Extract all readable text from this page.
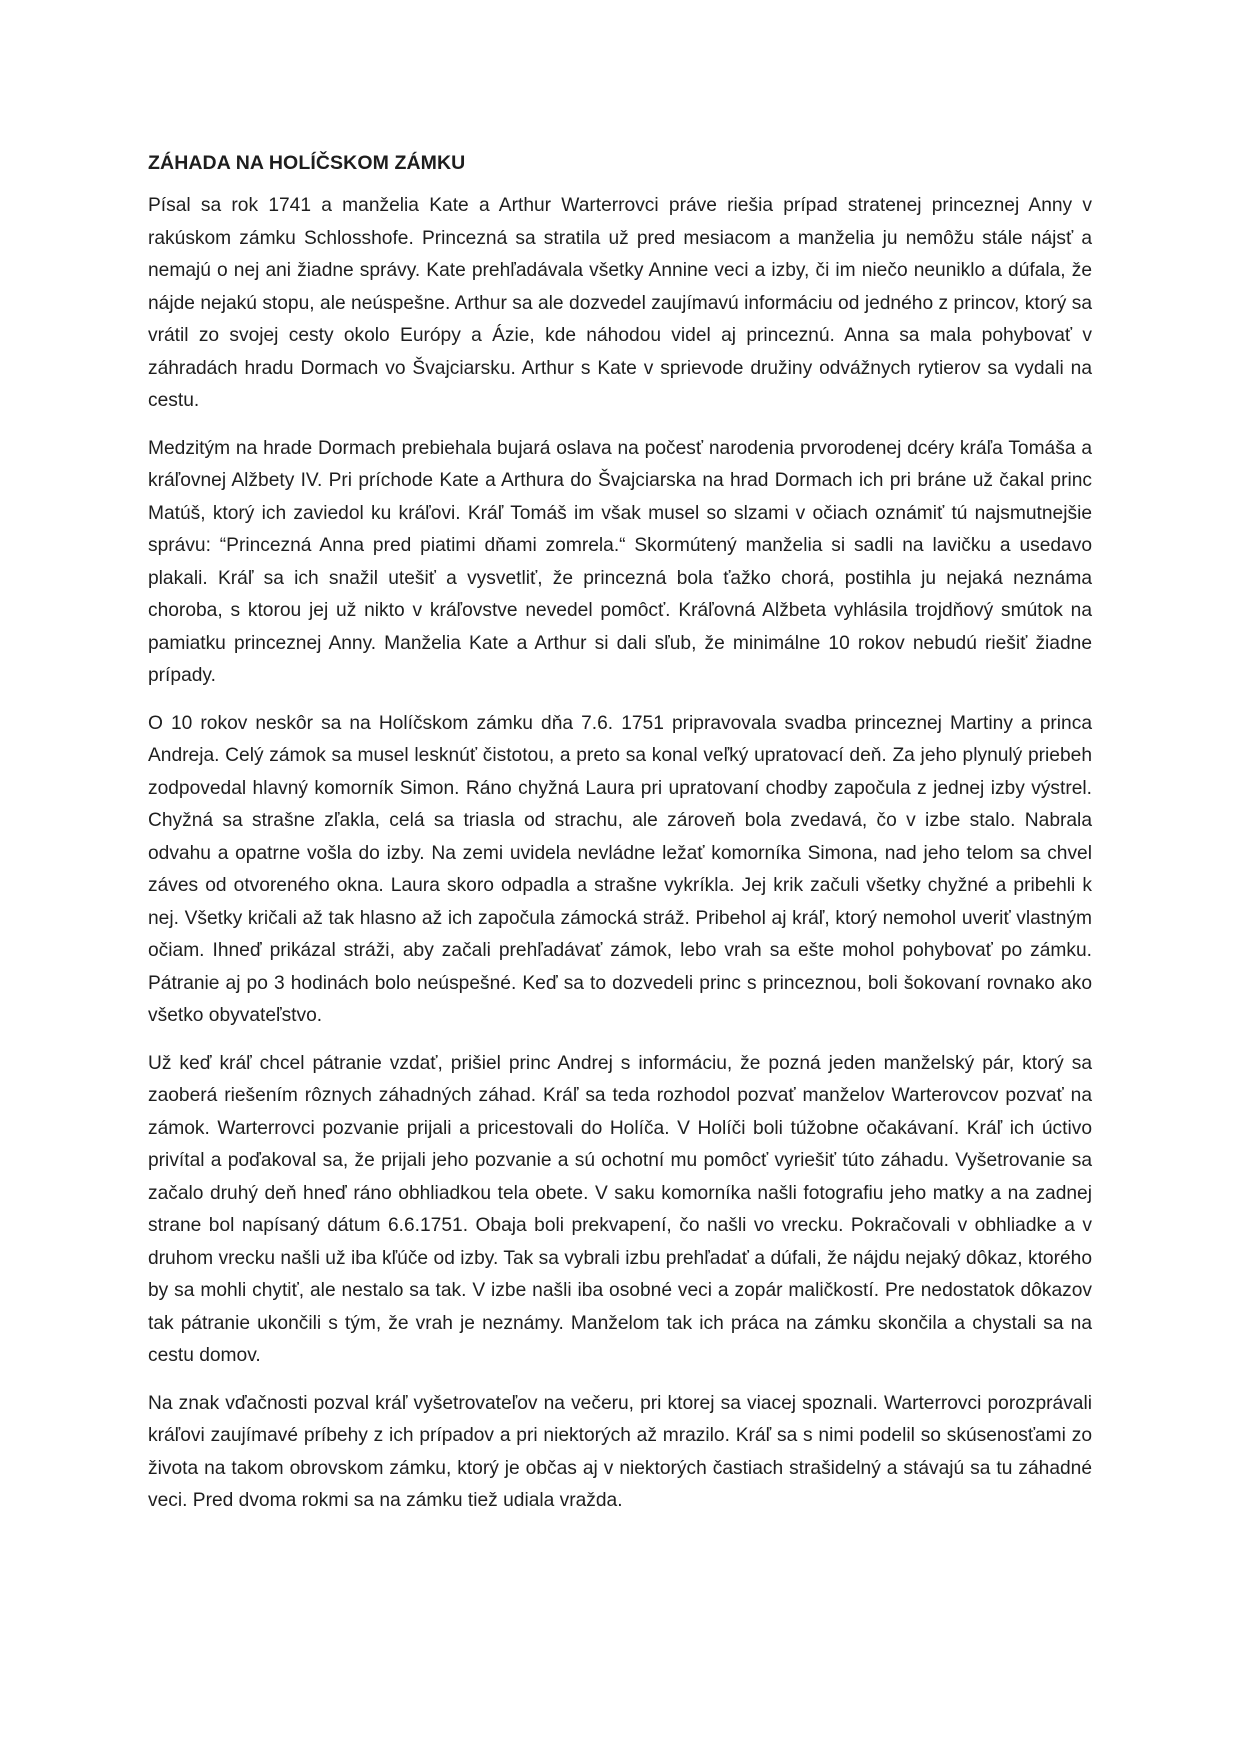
ZÁHADA NA HOLÍČSKOM ZÁMKU

Písal sa rok 1741 a manželia Kate a Arthur Warterrovci práve riešia prípad stratenej princeznej Anny v rakúskom zámku Schlosshofe. Princezná sa stratila už pred mesiacom a manželia ju nemôžu stále nájsť a nemajú o nej ani žiadne správy. Kate prehľadávala všetky Annine veci a izby, či im niečo neuniklo a dúfala, že nájde nejakú stopu, ale neúspešne. Arthur sa ale dozvedel zaujímavú informáciu od jedného z princov, ktorý sa vrátil zo svojej cesty okolo Európy a Ázie, kde náhodou videl aj princeznú. Anna sa mala pohybovať v záhradách hradu Dormach vo Švajciarsku. Arthur s Kate v sprievode družiny odvážnych rytierov sa vydali na cestu.

Medzitým na hrade Dormach prebiehala bujará oslava na počesť narodenia prvorodenej dcéry kráľa Tomáša a kráľovnej Alžbety IV. Pri príchode Kate a Arthura do Švajciarska na hrad Dormach ich pri bráne už čakal princ Matúš, ktorý ich zaviedol ku kráľovi. Kráľ Tomáš im však musel so slzami v očiach oznámiť tú najsmutnejšie správu: “Princezná Anna pred piatimi dňami zomrela.“ Skormútený manželia si sadli na lavičku a usedavo plakali. Kráľ sa ich snažil utešiť a vysvetliť, že princezná bola ťažko chorá, postihla ju nejaká neznáma choroba, s ktorou jej už nikto v kráľovstve nevedel pomôcť. Kráľovná Alžbeta vyhlásila trojdňový smútok na pamiatku princeznej Anny. Manželia Kate a Arthur si dali sľub, že minimálne 10 rokov nebudú riešiť žiadne prípady.

O 10 rokov neskôr sa na Holíčskom zámku dňa 7.6. 1751 pripravovala svadba princeznej Martiny a princa Andreja. Celý zámok sa musel lesknúť čistotou, a preto sa konal veľký upratovací deň. Za jeho plynulý priebeh zodpovedal hlavný komorník Simon. Ráno chyžná Laura pri upratovaní chodby započula z jednej izby výstrel. Chyžná sa strašne zľakla, celá sa triasla od strachu, ale zároveň bola zvedavá, čo v izbe stalo. Nabrala odvahu a opatrne vošla do izby. Na zemi uvidela nevládne ležať komorníka Simona, nad jeho telom sa chvel záves od otvoreného okna. Laura skoro odpadla a strašne vykríkla. Jej krik začuli všetky chyžné a pribehli k nej. Všetky kričali až tak hlasno až ich započula zámocká stráž. Pribehol aj kráľ, ktorý nemohol uveriť vlastným očiam. Ihneď prikázal stráži, aby začali prehľadávať zámok, lebo vrah sa ešte mohol pohybovať po zámku. Pátranie aj po 3 hodinách bolo neúspešné. Keď sa to dozvedeli princ s princeznou, boli šokovaní rovnako ako všetko obyvateľstvo.

Už keď kráľ chcel pátranie vzdať, prišiel princ Andrej s informáciu, že pozná jeden manželský pár, ktorý sa zaoberá riešením rôznych záhadných záhad. Kráľ sa teda rozhodol pozvať manželov Warterovcov pozvať na zámok. Warterrovci pozvanie prijali a pricestovali do Holíča. V Holíči boli túžobne očakávaní. Kráľ ich úctivo privítal a poďakoval sa, že prijali jeho pozvanie a sú ochotní mu pomôcť vyriešiť túto záhadu. Vyšetrovanie sa začalo druhý deň hneď ráno obhliadkou tela obete. V saku komorníka našli fotografiu jeho matky a na zadnej strane bol napísaný dátum 6.6.1751. Obaja boli prekvapení, čo našli vo vrecku. Pokračovali v obhliadke a v druhom vrecku našli už iba kľúče od izby. Tak sa vybrali izbu prehľadať a dúfali, že nájdu nejaký dôkaz, ktorého by sa mohli chytiť, ale nestalo sa tak. V izbe našli iba osobné veci a zopár maličkostí. Pre nedostatok dôkazov tak pátranie ukončili s tým, že vrah je neznámy. Manželom tak ich práca na zámku skončila a chystali sa na cestu domov.

Na znak vďačnosti pozval kráľ vyšetrovateľov na večeru, pri ktorej sa viacej spoznali. Warterrovci porozprávali kráľovi zaujímavé príbehy z ich prípadov a pri niektorých až mrazilo. Kráľ sa s nimi podelil so skúsenosťami zo života na takom obrovskom zámku, ktorý je občas aj v niektorých častiach strašidelný a stávajú sa tu záhadné veci. Pred dvoma rokmi sa na zámku tiež udiala vražda.
